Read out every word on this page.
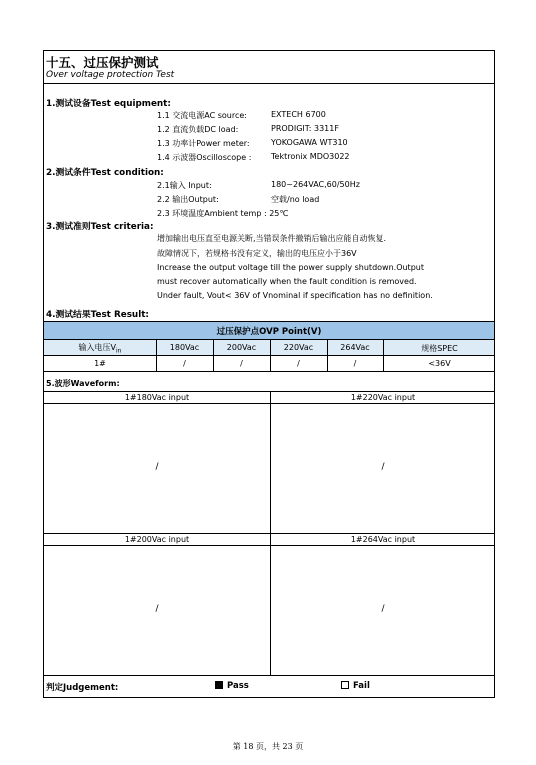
十五、过压保护测试
Over voltage protection Test
1.测试设备Test equipment:
1.1 交流电源AC source:	EXTECH 6700
1.2 直流负载DC load:	PRODIGIT: 3311F
1.3 功率计Power meter:	YOKOGAWA WT310
1.4 示波器Oscilloscope : Tektronix MDO3022
2.测试条件Test condition:
2.1输入 Input:	180~264VAC,60/50Hz
2.2 输出Output:	空载/no load
2.3 环境温度Ambient temp : 25℃
3.测试准则Test criteria:
增加输出电压直至电源关断,当错误条件撤销后输出应能自动恢复.
故障情况下，若规格书没有定义，输出的电压应小于36V
Increase the output voltage till the power supply shutdown.Output
must recover automatically when the fault condition is removed.
Under fault, Vout< 36V of Vnominal if specification has no definition.
4.测试结果Test Result:
过压保护点OVP Point(V)
输入电压$V_{in}$	180Vac	200Vac	220Vac	264Vac	规格SPEC
1#	/	/	/	/	<36V
5.波形Waveform:
1#180Vac input	1#220Vac input
/	/
1#200Vac input	1#264Vac input
/	/
判定Judgement:	Pass	Fail
第 18 页，共 23 页
